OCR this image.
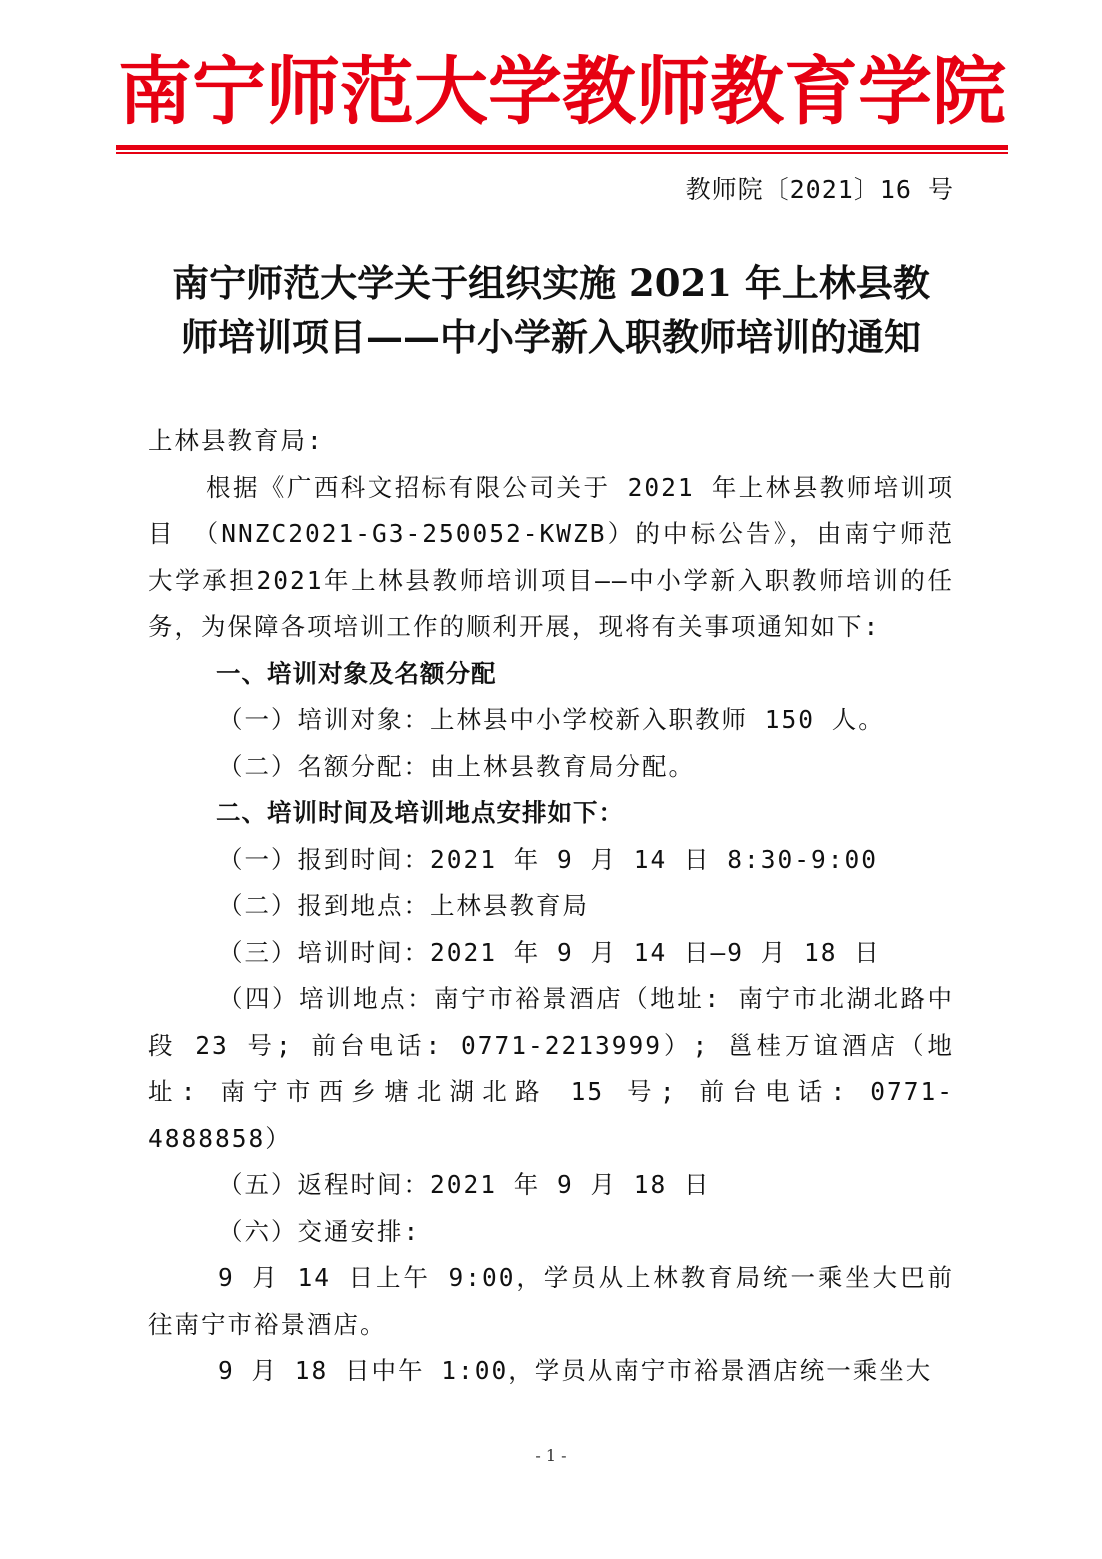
南宁师范大学教师教育学院
教师院〔2021〕16 号
南宁师范大学关于组织实施 2021 年上林县教
师培训项目——中小学新入职教师培训的通知

上林县教育局:

根据《广西科文招标有限公司关于 2021 年上林县教师培训项目 （NNZC2021-G3-250052-KWZB）的中标公告》，由南宁师范大学承担2021年上林县教师培训项目——中小学新入职教师培训的任务，为保障各项培训工作的顺利开展，现将有关事项通知如下:

一、培训对象及名额分配

（一）培训对象：上林县中小学校新入职教师 150 人。

（二）名额分配：由上林县教育局分配。

二、培训时间及培训地点安排如下：

（一）报到时间：2021 年 9 月 14 日 8:30-9:00

（二）报到地点：上林县教育局

（三）培训时间：2021 年 9 月 14 日—9 月 18 日

（四）培训地点：南宁市裕景酒店（地址: 南宁市北湖北路中段 23 号; 前台电话: 0771-2213999）; 邕桂万谊酒店（地址: 南宁市西乡塘北湖北路 15 号; 前台电话: 0771-4888858）

（五）返程时间：2021 年 9 月 18 日

（六）交通安排:

9 月 14 日上午 9:00，学员从上林教育局统一乘坐大巴前往南宁市裕景酒店。

9 月 18 日中午 1:00，学员从南宁市裕景酒店统一乘坐大

- 1 -
